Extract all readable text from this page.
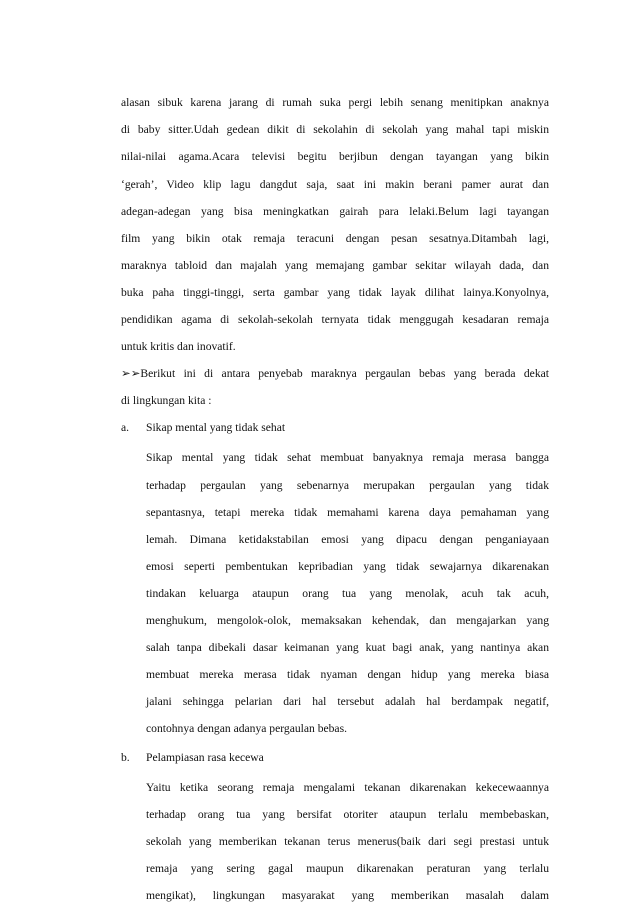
alasan sibuk karena jarang di rumah suka pergi lebih senang menitipkan anaknya
di baby sitter.Udah gedean dikit di sekolahin di sekolah yang mahal tapi miskin
nilai-nilai agama.Acara televisi begitu berjibun dengan tayangan yang bikin
‘gerah’, Video klip lagu dangdut saja, saat ini makin berani pamer aurat dan
adegan-adegan yang bisa meningkatkan gairah para lelaki.Belum lagi tayangan
film yang bikin otak remaja teracuni dengan pesan sesatnya.Ditambah lagi,
maraknya tabloid dan majalah yang memajang gambar sekitar wilayah dada, dan
buka paha tinggi-tinggi, serta gambar yang tidak layak dilihat lainya.Konyolnya,
pendidikan agama di sekolah-sekolah ternyata tidak menggugah kesadaran remaja
untuk kritis dan inovatif.
➢➢Berikut ini di antara penyebab maraknya pergaulan bebas yang berada dekat
di lingkungan kita :
a. Sikap mental yang tidak sehat
Sikap mental yang tidak sehat membuat banyaknya remaja merasa bangga
terhadap pergaulan yang sebenarnya merupakan pergaulan yang tidak
sepantasnya, tetapi mereka tidak memahami karena daya pemahaman yang
lemah. Dimana ketidakstabilan emosi yang dipacu dengan penganiayaan
emosi seperti pembentukan kepribadian yang tidak sewajarnya dikarenakan
tindakan keluarga ataupun orang tua yang menolak, acuh tak acuh,
menghukum, mengolok-olok, memaksakan kehendak, dan mengajarkan yang
salah tanpa dibekali dasar keimanan yang kuat bagi anak, yang nantinya akan
membuat mereka merasa tidak nyaman dengan hidup yang mereka biasa
jalani sehingga pelarian dari hal tersebut adalah hal berdampak negatif,
contohnya dengan adanya pergaulan bebas.
b. Pelampiasan rasa kecewa
Yaitu ketika seorang remaja mengalami tekanan dikarenakan kekecewaannya
terhadap orang tua yang bersifat otoriter ataupun terlalu membebaskan,
sekolah yang memberikan tekanan terus menerus(baik dari segi prestasi untuk
remaja yang sering gagal maupun dikarenakan peraturan yang terlalu
mengikat), lingkungan masyarakat yang memberikan masalah dalam
